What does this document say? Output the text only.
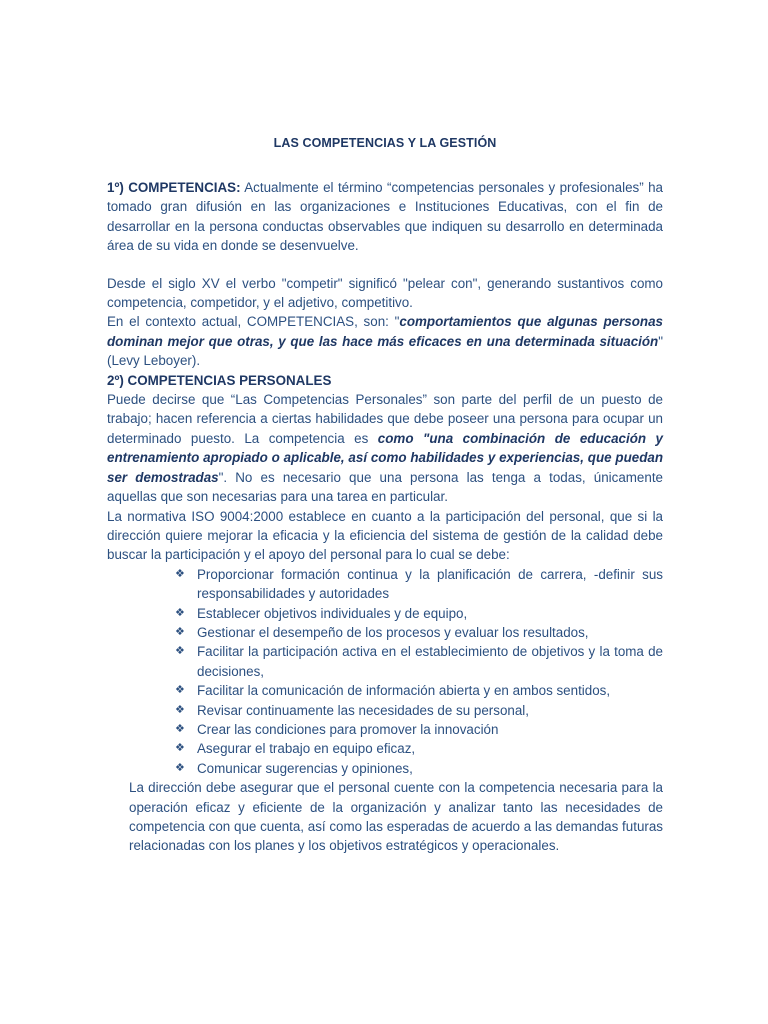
LAS COMPETENCIAS Y LA GESTIÓN

1º) COMPETENCIAS: Actualmente el término “competencias personales y profesionales” ha tomado gran difusión en las organizaciones e Instituciones Educativas, con el fin de desarrollar en la persona conductas observables que indiquen su desarrollo en determinada área de su vida en donde se desenvuelve.

Desde el siglo XV el verbo "competir" significó "pelear con", generando sustantivos como competencia, competidor, y el adjetivo, competitivo.

En el contexto actual, COMPETENCIAS, son: "comportamientos que algunas personas dominan mejor que otras, y que las hace más eficaces en una determinada situación" (Levy Leboyer).

2º) COMPETENCIAS PERSONALES

Puede decirse que “Las Competencias Personales” son parte del perfil de un puesto de trabajo; hacen referencia a ciertas habilidades que debe poseer una persona para ocupar un determinado puesto. La competencia es como "una combinación de educación y entrenamiento apropiado o aplicable, así como habilidades y experiencias, que puedan ser demostradas". No es necesario que una persona las tenga a todas, únicamente aquellas que son necesarias para una tarea en particular.

La normativa ISO 9004:2000 establece en cuanto a la participación del personal, que si la dirección quiere mejorar la eficacia y la eficiencia del sistema de gestión de la calidad debe buscar la participación y el apoyo del personal para lo cual se debe:

❖ Proporcionar formación continua y la planificación de carrera, -definir sus responsabilidades y autoridades
❖ Establecer objetivos individuales y de equipo,
❖ Gestionar el desempeño de los procesos y evaluar los resultados,
❖ Facilitar la participación activa en el establecimiento de objetivos y la toma de decisiones,
❖ Facilitar la comunicación de información abierta y en ambos sentidos,
❖ Revisar continuamente las necesidades de su personal,
❖ Crear las condiciones para promover la innovación
❖ Asegurar el trabajo en equipo eficaz,
❖ Comunicar sugerencias y opiniones,

La dirección debe asegurar que el personal cuente con la competencia necesaria para la operación eficaz y eficiente de la organización y analizar tanto las necesidades de competencia con que cuenta, así como las esperadas de acuerdo a las demandas futuras relacionadas con los planes y los objetivos estratégicos y operacionales.
